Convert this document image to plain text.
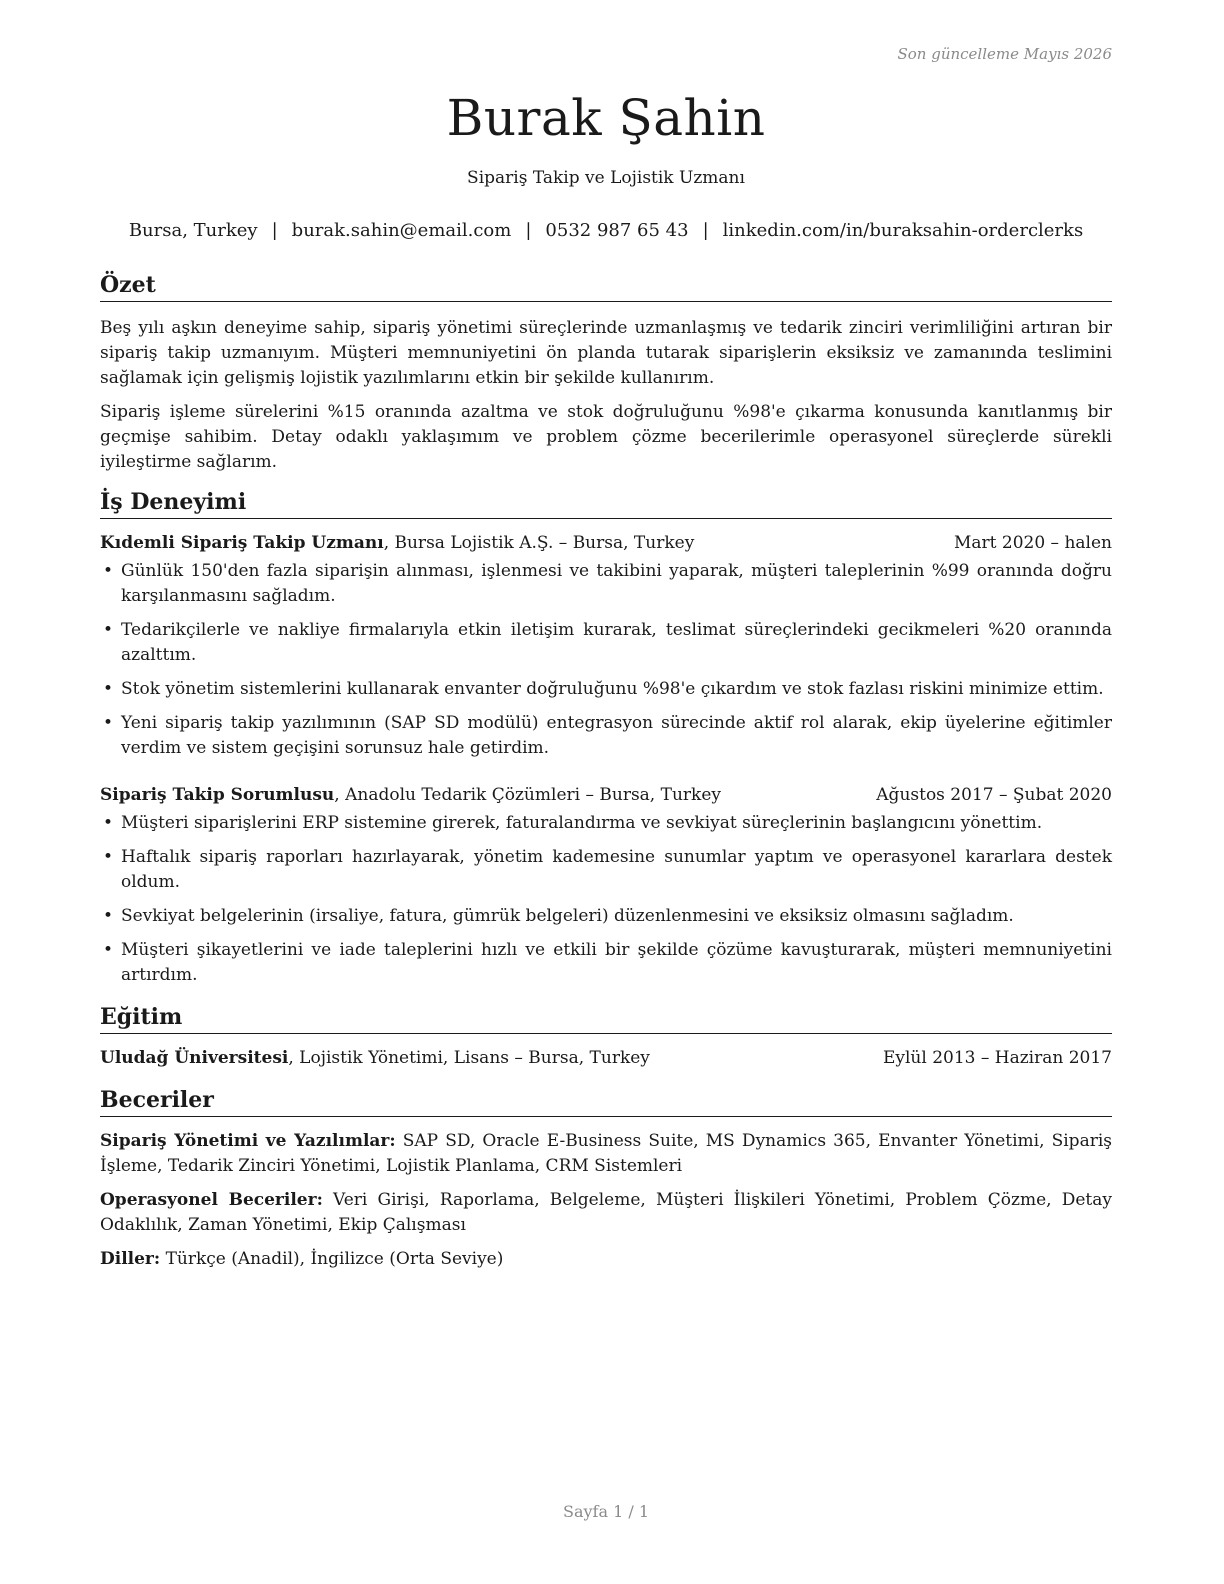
Son güncelleme Mayıs 2026
Burak Şahin
Sipariş Takip ve Lojistik Uzmanı
Bursa, Turkey | burak.sahin@email.com | 0532 987 65 43 | linkedin.com/in/buraksahin-orderclerks
Özet

Beş yılı aşkın deneyime sahip, sipariş yönetimi süreçlerinde uzmanlaşmış ve tedarik zinciri verimliliğini artıran bir sipariş takip uzmanıyım. Müşteri memnuniyetini ön planda tutarak siparişlerin eksiksiz ve zamanında teslimini sağlamak için gelişmiş lojistik yazılımlarını etkin bir şekilde kullanırım.

Sipariş işleme sürelerini %15 oranında azaltma ve stok doğruluğunu %98'e çıkarma konusunda kanıtlanmış bir geçmişe sahibim. Detay odaklı yaklaşımım ve problem çözme becerilerimle operasyonel süreçlerde sürekli iyileştirme sağlarım.

İş Deneyimi
Kıdemli Sipariş Takip Uzmanı, Bursa Lojistik A.Ş. – Bursa, Turkey	Mart 2020 – halen
• Günlük 150'den fazla siparişin alınması, işlenmesi ve takibini yaparak, müşteri taleplerinin %99 oranında doğru karşılanmasını sağladım.
• Tedarikçilerle ve nakliye firmalarıyla etkin iletişim kurarak, teslimat süreçlerindeki gecikmeleri %20 oranında azalttım.
• Stok yönetim sistemlerini kullanarak envanter doğruluğunu %98'e çıkardım ve stok fazlası riskini minimize ettim.
• Yeni sipariş takip yazılımının (SAP SD modülü) entegrasyon sürecinde aktif rol alarak, ekip üyelerine eğitimler verdim ve sistem geçişini sorunsuz hale getirdim.
Sipariş Takip Sorumlusu, Anadolu Tedarik Çözümleri – Bursa, Turkey	Ağustos 2017 – Şubat 2020
• Müşteri siparişlerini ERP sistemine girerek, faturalandırma ve sevkiyat süreçlerinin başlangıcını yönettim.
• Haftalık sipariş raporları hazırlayarak, yönetim kademesine sunumlar yaptım ve operasyonel kararlara destek oldum.
• Sevkiyat belgelerinin (irsaliye, fatura, gümrük belgeleri) düzenlenmesini ve eksiksiz olmasını sağladım.
• Müşteri şikayetlerini ve iade taleplerini hızlı ve etkili bir şekilde çözüme kavuşturarak, müşteri memnuniyetini artırdım.
Eğitim
Uludağ Üniversitesi, Lojistik Yönetimi, Lisans – Bursa, Turkey	Eylül 2013 – Haziran 2017
Beceriler
Sipariş Yönetimi ve Yazılımlar: SAP SD, Oracle E-Business Suite, MS Dynamics 365, Envanter Yönetimi, Sipariş İşleme, Tedarik Zinciri Yönetimi, Lojistik Planlama, CRM Sistemleri
Operasyonel Beceriler: Veri Girişi, Raporlama, Belgeleme, Müşteri İlişkileri Yönetimi, Problem Çözme, Detay Odaklılık, Zaman Yönetimi, Ekip Çalışması
Diller: Türkçe (Anadil), İngilizce (Orta Seviye)
Sayfa 1 / 1
